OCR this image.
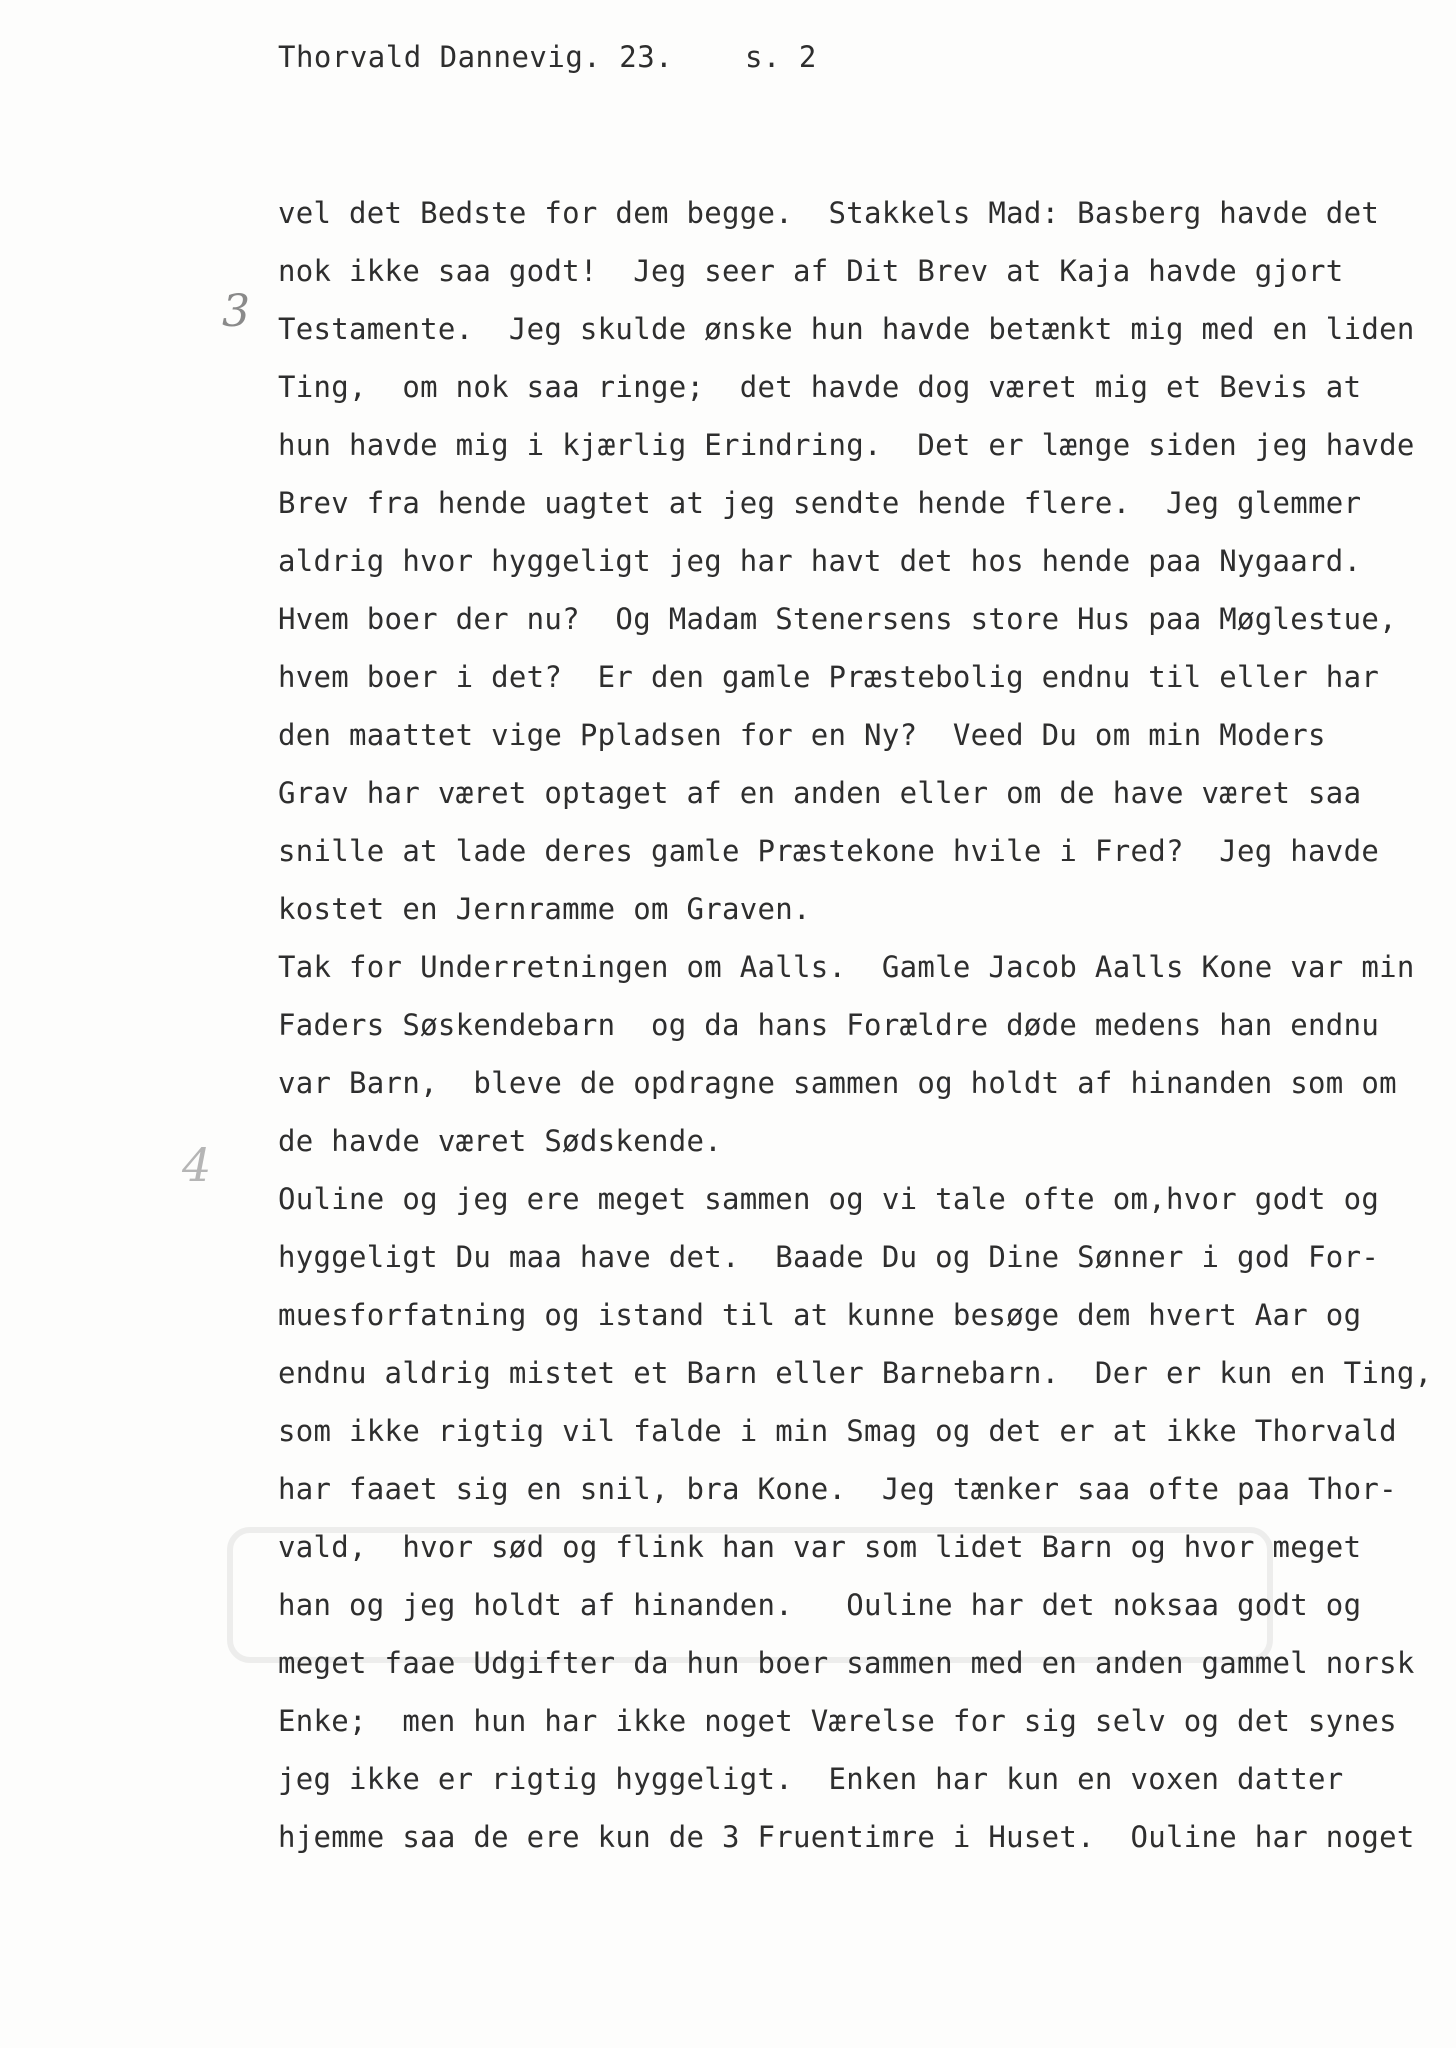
Thorvald Dannevig. 23. s. 2
3
4
vel det Bedste for dem begge.  Stakkels Mad: Basberg havde det
nok ikke saa godt!  Jeg seer af Dit Brev at Kaja havde gjort
Testamente.  Jeg skulde ønske hun havde betænkt mig med en liden
Ting,  om nok saa ringe;  det havde dog været mig et Bevis at
hun havde mig i kjærlig Erindring.  Det er længe siden jeg havde
Brev fra hende uagtet at jeg sendte hende flere.  Jeg glemmer
aldrig hvor hyggeligt jeg har havt det hos hende paa Nygaard.
Hvem boer der nu?  Og Madam Stenersens store Hus paa Møglestue,
hvem boer i det?  Er den gamle Præstebolig endnu til eller har
den maattet vige Ppladsen for en Ny?  Veed Du om min Moders
Grav har været optaget af en anden eller om de have været saa
snille at lade deres gamle Præstekone hvile i Fred?  Jeg havde
kostet en Jernramme om Graven.
Tak for Underretningen om Aalls.  Gamle Jacob Aalls Kone var min
Faders Søskendebarn  og da hans Forældre døde medens han endnu
var Barn,  bleve de opdragne sammen og holdt af hinanden som om
de havde været Sødskende.
Ouline og jeg ere meget sammen og vi tale ofte om,hvor godt og
hyggeligt Du maa have det.  Baade Du og Dine Sønner i god For-
muesforfatning og istand til at kunne besøge dem hvert Aar og
endnu aldrig mistet et Barn eller Barnebarn.  Der er kun en Ting,
som ikke rigtig vil falde i min Smag og det er at ikke Thorvald
har faaet sig en snil, bra Kone.  Jeg tænker saa ofte paa Thor-
vald,  hvor sød og flink han var som lidet Barn og hvor meget
han og jeg holdt af hinanden.   Ouline har det noksaa godt og
meget faae Udgifter da hun boer sammen med en anden gammel norsk
Enke;  men hun har ikke noget Værelse for sig selv og det synes
jeg ikke er rigtig hyggeligt.  Enken har kun en voxen datter
hjemme saa de ere kun de 3 Fruentimre i Huset.  Ouline har noget
